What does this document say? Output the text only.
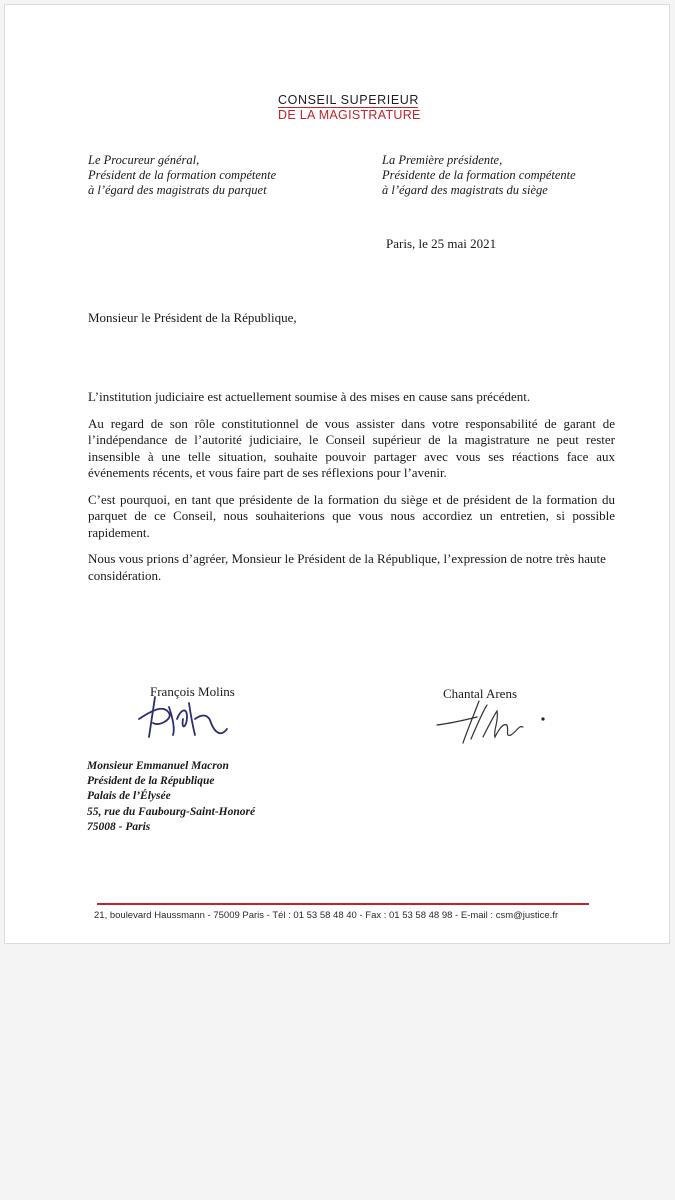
CONSEIL SUPERIEUR
DE LA MAGISTRATURE
Le Procureur général,
Président de la formation compétente
à l’égard des magistrats du parquet
La Première présidente,
Présidente de la formation compétente
à l’égard des magistrats du siège
Paris, le 25 mai 2021
Monsieur le Président de la République,

L’institution judiciaire est actuellement soumise à des mises en cause sans précédent.

Au regard de son rôle constitutionnel de vous assister dans votre responsabilité de garant de l’indépendance de l’autorité judiciaire, le Conseil supérieur de la magistrature ne peut rester insensible à une telle situation, souhaite pouvoir partager avec vous ses réactions face aux événements récents, et vous faire part de ses réflexions pour l’avenir.

C’est pourquoi, en tant que présidente de la formation du siège et de président de la formation du parquet de ce Conseil, nous souhaiterions que vous nous accordiez un entretien, si possible rapidement.

Nous vous prions d’agréer, Monsieur le Président de la République, l’expression de notre très haute considération.

François Molins	Chantal Arens
Monsieur Emmanuel Macron
Président de la République
Palais de l’Élysée
55, rue du Faubourg-Saint-Honoré
75008 - Paris
21, boulevard Haussmann - 75009 Paris - Tél : 01 53 58 48 40 - Fax : 01 53 58 48 98 - E-mail : csm@justice.fr
